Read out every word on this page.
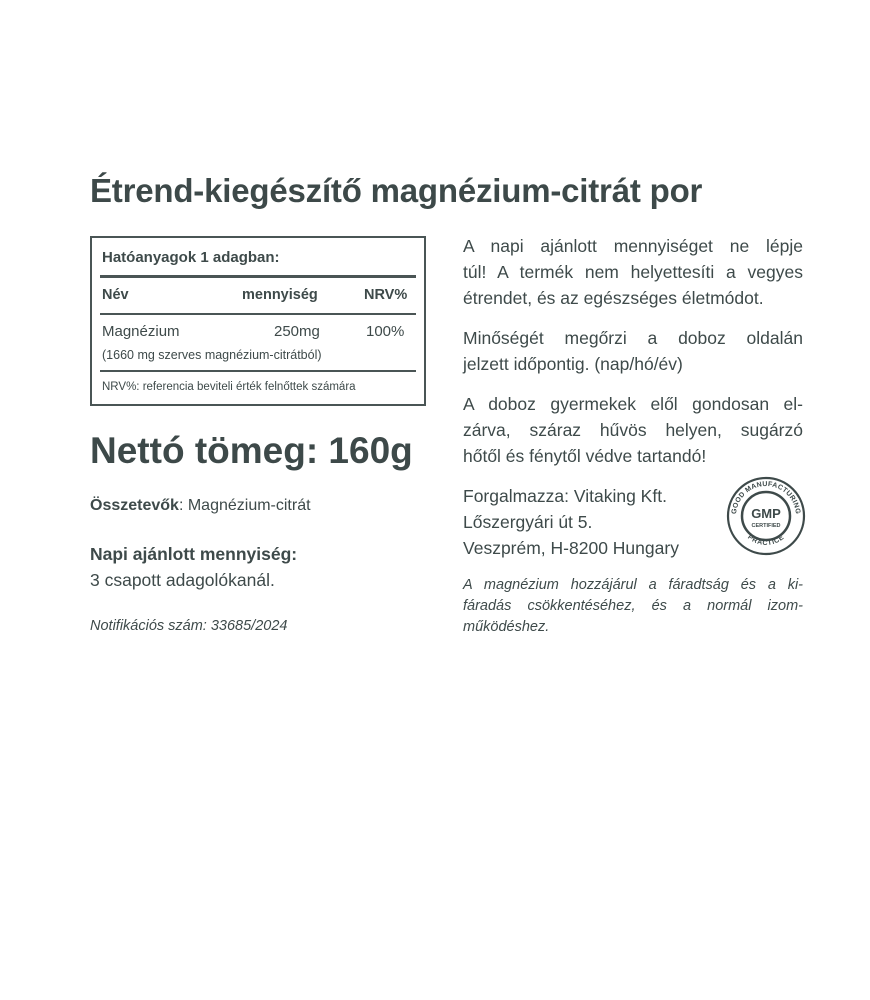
Étrend-kiegészítő magnézium-citrát por
Hatóanyagok 1 adagban:
Név	mennyiség	NRV%
Magnézium	250mg	100%
(1660 mg szerves magnézium-citrátból)
NRV%: referencia beviteli érték felnőttek számára
Nettó tömeg: 160g
Összetevők: Magnézium-citrát
Napi ajánlott mennyiség:
3 csapott adagolókanál.
Notifikációs szám: 33685/2024
A napi ajánlott mennyiséget ne lépje
túl! A termék nem helyettesíti a vegyes
étrendet, és az egészséges életmódot.
Minőségét megőrzi a doboz oldalán
jelzett időpontig. (nap/hó/év)
A doboz gyermekek elől gondosan el-
zárva, száraz hűvös helyen, sugárzó
hőtől és fénytől védve tartandó!
Forgalmazza: Vitaking Kft.
Lőszergyári út 5.
Veszprém, H-8200 Hungary
GOOD MANUFACTURING
PRACTICE
GMP
CERTIFIED
A magnézium hozzájárul a fáradtság és a ki-
fáradás csökkentéséhez, és a normál izom-
működéshez.
